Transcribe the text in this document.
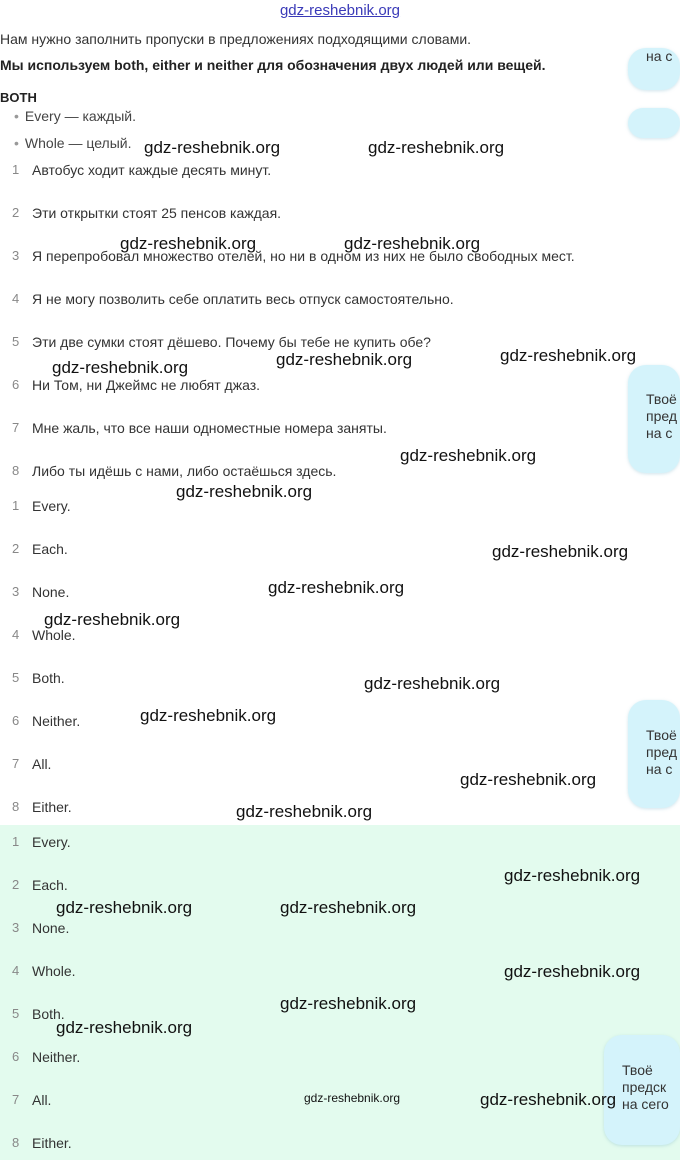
gdz-reshebnik.org
Нам нужно заполнить пропуски в предложениях подходящими словами.
Мы используем both, either и neither для обозначения двух людей или вещей.
BOTH
• Every — каждый.
• Whole — целый.
1 Автобус ходит каждые десять минут.
2 Эти открытки стоят 25 пенсов каждая.
3 Я перепробовал множество отелей, но ни в одном из них не было свободных мест.
4 Я не могу позволить себе оплатить весь отпуск самостоятельно.
5 Эти две сумки стоят дёшево. Почему бы тебе не купить обе?
6 Ни Том, ни Джеймс не любят джаз.
7 Мне жаль, что все наши одноместные номера заняты.
8 Либо ты идёшь с нами, либо остаёшься здесь.
1 Every.
2 Each.
3 None.
4 Whole.
5 Both.
6 Neither.
7 All.
8 Either.
1 Every.
2 Each.
3 None.
4 Whole.
5 Both.
6 Neither.
7 All.
8 Either.
на с
Твоё
пред
на с
Твоё
пред
на с
Твоё
предск
на сего
gdz-reshebnik.org	gdz-reshebnik.org
gdz-reshebnik.org	gdz-reshebnik.org
gdz-reshebnik.org	gdz-reshebnik.org
gdz-reshebnik.org
gdz-reshebnik.org
gdz-reshebnik.org
gdz-reshebnik.org
gdz-reshebnik.org
gdz-reshebnik.org
gdz-reshebnik.org
gdz-reshebnik.org
gdz-reshebnik.org
gdz-reshebnik.org
gdz-reshebnik.org
gdz-reshebnik.org	gdz-reshebnik.org
gdz-reshebnik.org
gdz-reshebnik.org
gdz-reshebnik.org
gdz-reshebnik.org	gdz-reshebnik.org
